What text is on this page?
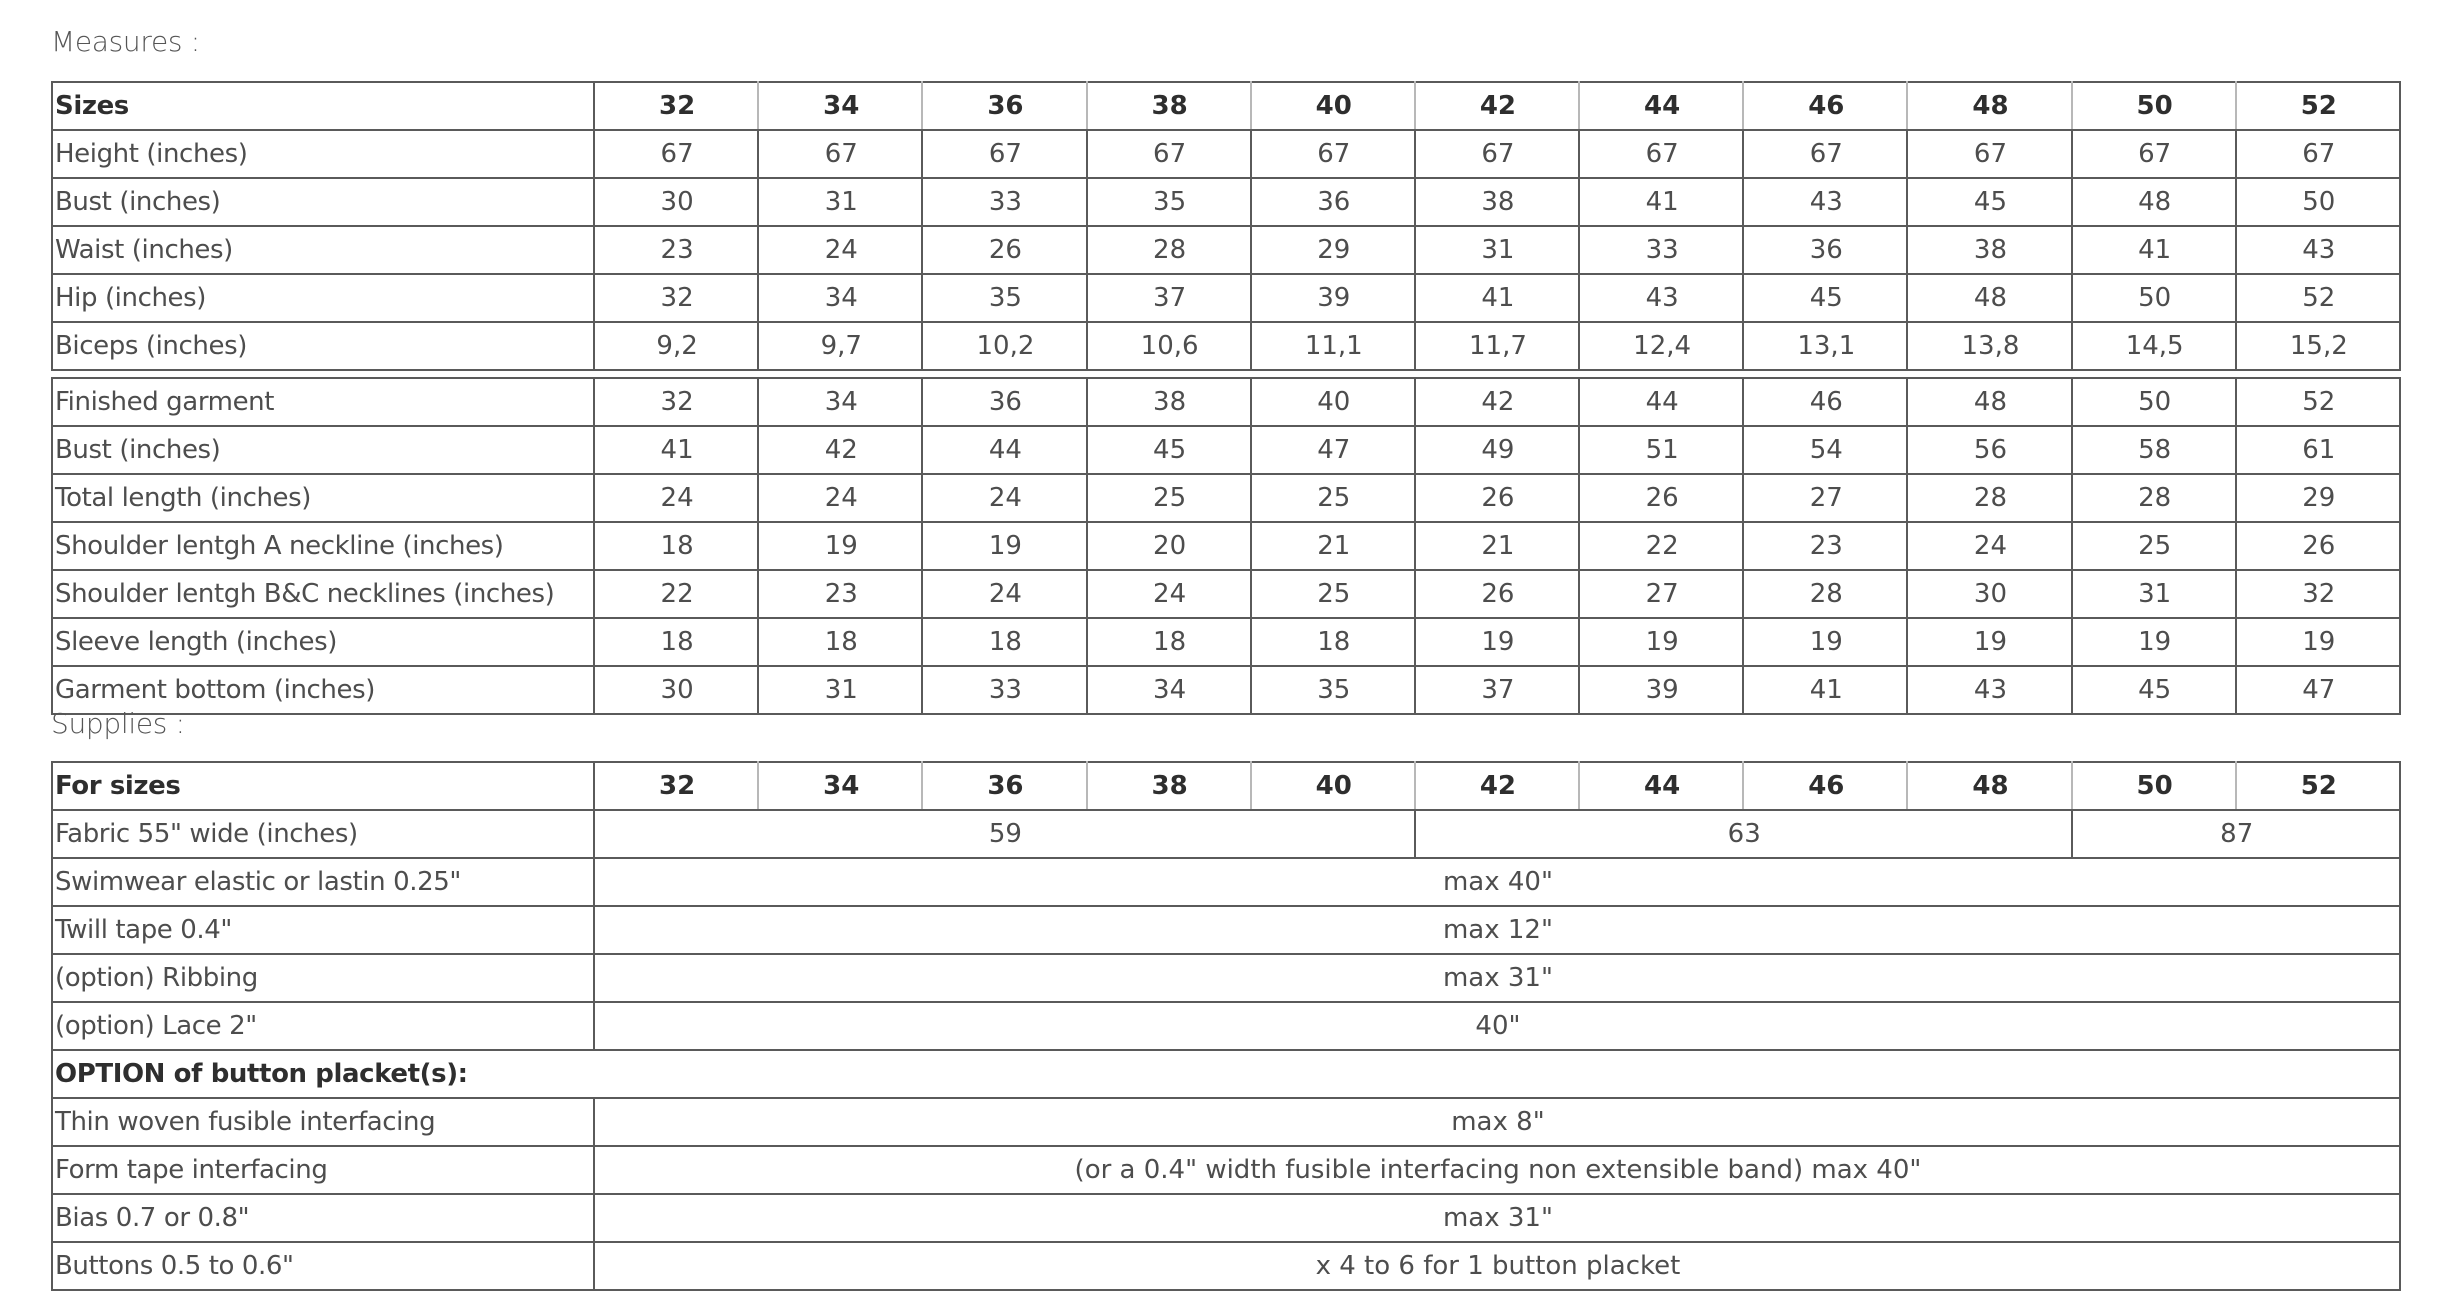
Measures :
Sizes	32	34	36	38	40	42	44	46	48	50	52
Height (inches)	67	67	67	67	67	67	67	67	67	67	67
Bust (inches)	30	31	33	35	36	38	41	43	45	48	50
Waist (inches)	23	24	26	28	29	31	33	36	38	41	43
Hip (inches)	32	34	35	37	39	41	43	45	48	50	52
Biceps (inches)	9,2	9,7	10,2	10,6	11,1	11,7	12,4	13,1	13,8	14,5	15,2
Finished garment	32	34	36	38	40	42	44	46	48	50	52
Bust (inches)	41	42	44	45	47	49	51	54	56	58	61
Total length (inches)	24	24	24	25	25	26	26	27	28	28	29
Shoulder lentgh A neckline (inches)	18	19	19	20	21	21	22	23	24	25	26
Shoulder lentgh B&C necklines (inches)	22	23	24	24	25	26	27	28	30	31	32
Sleeve length (inches)	18	18	18	18	18	19	19	19	19	19	19
Garment bottom (inches)	30	31	33	34	35	37	39	41	43	45	47
Supplies :
For sizes	32	34	36	38	40	42	44	46	48	50	52
Fabric 55" wide (inches)	59					63				87	
Swimwear elastic or lastin 0.25"	max 40"										
Twill tape 0.4"	max 12"										
(option) Ribbing	max 31"										
(option) Lace 2"	40"										
OPTION of button placket(s):											
Thin woven fusible interfacing	max 8"										
Form tape interfacing	(or a 0.4" width fusible interfacing non extensible band) max 40"										
Bias 0.7 or 0.8"	max 31"										
Buttons 0.5 to 0.6"	x 4 to 6 for 1 button placket										
